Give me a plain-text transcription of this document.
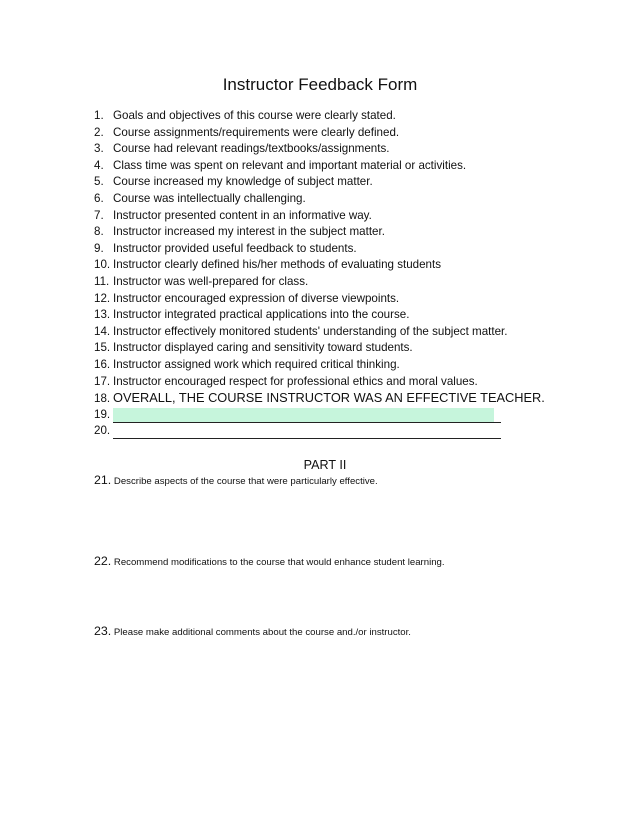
Instructor Feedback Form
1. Goals and objectives of this course were clearly stated.
2. Course assignments/requirements were clearly defined.
3. Course had relevant readings/textbooks/assignments.
4. Class time was spent on relevant and important material or activities.
5. Course increased my knowledge of subject matter.
6. Course was intellectually challenging.
7. Instructor presented content in an informative way.
8. Instructor increased my interest in the subject matter.
9. Instructor provided useful feedback to students.
10. Instructor clearly defined his/her methods of evaluating students
11. Instructor was well-prepared for class.
12. Instructor encouraged expression of diverse viewpoints.
13. Instructor integrated practical applications into the course.
14. Instructor effectively monitored students' understanding of the subject matter.
15. Instructor displayed caring and sensitivity toward students.
16. Instructor assigned work which required critical thinking.
17. Instructor encouraged respect for professional ethics and moral values.
18. OVERALL, THE COURSE INSTRUCTOR WAS AN EFFECTIVE TEACHER.
19.
20.
PART II
21. Describe aspects of the course that were particularly effective.
22. Recommend modifications to the course that would enhance student learning.
23. Please make additional comments about the course and./or instructor.
